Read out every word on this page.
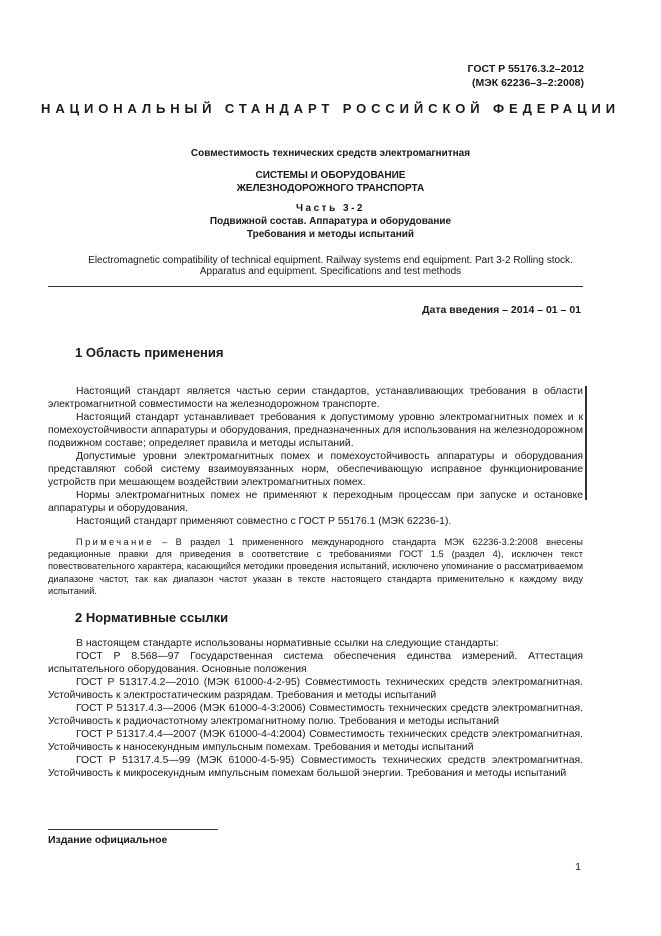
ГОСТ Р 55176.3.2–2012
(МЭК 62236–3–2:2008)
НАЦИОНАЛЬНЫЙ СТАНДАРТ РОССИЙСКОЙ ФЕДЕРАЦИИ
Совместимость технических средств электромагнитная
СИСТЕМЫ И ОБОРУДОВАНИЕ
ЖЕЛЕЗНОДОРОЖНОГО ТРАНСПОРТА
Часть 3-2
Подвижной состав. Аппаратура и оборудование
Требования и методы испытаний
Electromagnetic compatibility of technical equipment. Railway systems end equipment. Part 3-2 Rolling stock.
Apparatus and equipment. Specifications and test methods
Дата введения – 2014 – 01 – 01
1 Область применения

Настоящий стандарт является частью серии стандартов, устанавливающих требования в области электромагнитной совместимости на железнодорожном транспорте.

Настоящий стандарт устанавливает требования к допустимому уровню электромагнитных помех и к помехоустойчивости аппаратуры и оборудования, предназначенных для использования на железнодорожном подвижном составе; определяет правила и методы испытаний.

Допустимые уровни электромагнитных помех и помехоустойчивость аппаратуры и оборудования представляют собой систему взаимоувязанных норм, обеспечивающую исправное функционирование устройств при мешающем воздействии электромагнитных помех.

Нормы электромагнитных помех не применяют к переходным процессам при запуске и остановке аппаратуры и оборудования.

Настоящий стандарт применяют совместно с ГОСТ Р 55176.1 (МЭК 62236-1).

Примечание – В раздел 1 примененного международного стандарта МЭК 62236-3.2:2008 внесены редакционные правки для приведения в соответствие с требованиями ГОСТ 1.5 (раздел 4), исключен текст повествовательного характера, касающийся методики проведения испытаний, исключено упоминание о рассматриваемом диапазоне частот, так как диапазон частот указан в тексте настоящего стандарта применительно к каждому виду испытаний.

2 Нормативные ссылки

В настоящем стандарте использованы нормативные ссылки на следующие стандарты:

ГОСТ Р 8.568—97 Государственная система обеспечения единства измерений. Аттестация испытательного оборудования. Основные положения

ГОСТ Р 51317.4.2—2010 (МЭК 61000-4-2-95) Совместимость технических средств электромагнитная. Устойчивость к электростатическим разрядам. Требования и методы испытаний

ГОСТ Р 51317.4.3—2006 (МЭК 61000-4-3:2006) Совместимость технических средств электромагнитная. Устойчивость к радиочастотному электромагнитному полю. Требования и методы испытаний

ГОСТ Р 51317.4.4—2007 (МЭК 61000-4-4:2004) Совместимость технических средств электромагнитная. Устойчивость к наносекундным импульсным помехам. Требования и методы испытаний

ГОСТ Р 51317.4.5—99 (МЭК 61000-4-5-95) Совместимость технических средств электромагнитная. Устойчивость к микросекундным импульсным помехам большой энергии. Требования и методы испытаний

Издание официальное
1
